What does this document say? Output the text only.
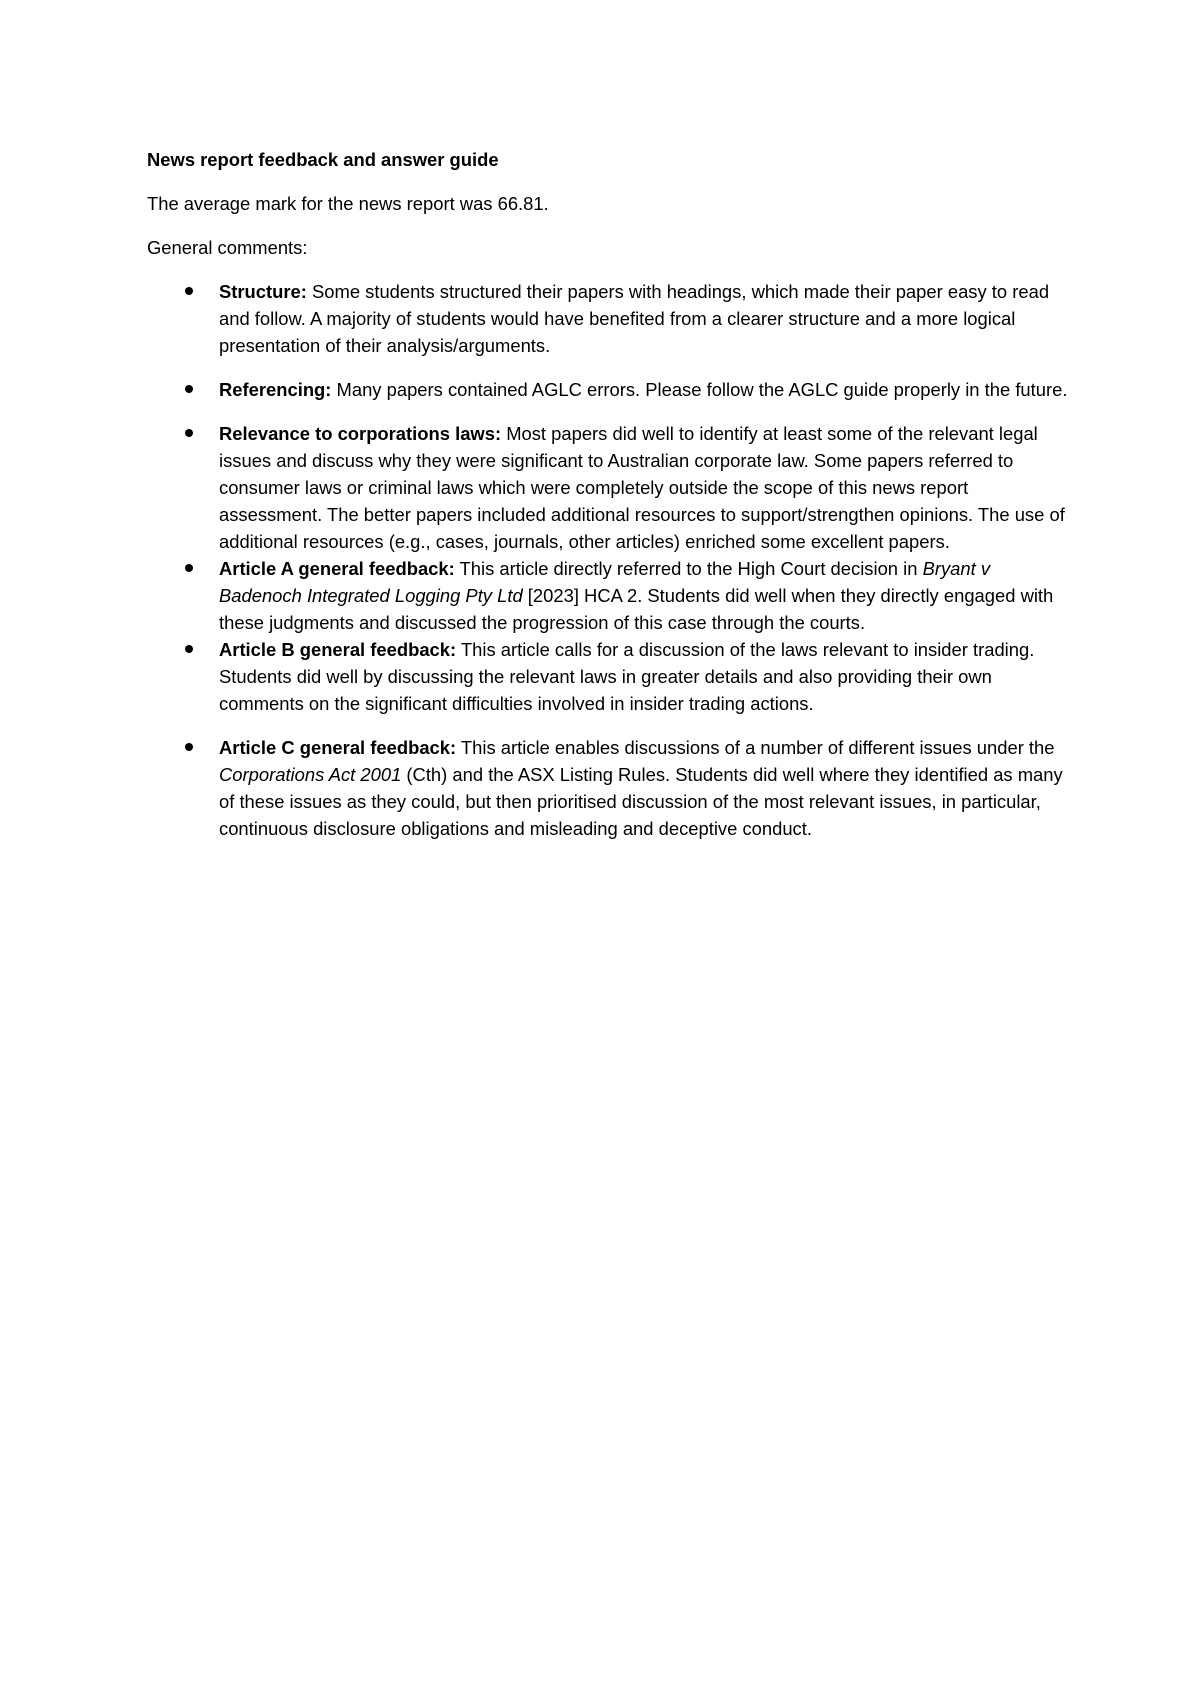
News report feedback and answer guide
The average mark for the news report was 66.81.
General comments:
Structure: Some students structured their papers with headings, which made their paper easy to read and follow. A majority of students would have benefited from a clearer structure and a more logical presentation of their analysis/arguments.
Referencing: Many papers contained AGLC errors. Please follow the AGLC guide properly in the future.
Relevance to corporations laws: Most papers did well to identify at least some of the relevant legal issues and discuss why they were significant to Australian corporate law. Some papers referred to consumer laws or criminal laws which were completely outside the scope of this news report assessment. The better papers included additional resources to support/strengthen opinions. The use of additional resources (e.g., cases, journals, other articles) enriched some excellent papers.
Article A general feedback: This article directly referred to the High Court decision in Bryant v Badenoch Integrated Logging Pty Ltd [2023] HCA 2. Students did well when they directly engaged with these judgments and discussed the progression of this case through the courts.
Article B general feedback: This article calls for a discussion of the laws relevant to insider trading. Students did well by discussing the relevant laws in greater details and also providing their own comments on the significant difficulties involved in insider trading actions.
Article C general feedback: This article enables discussions of a number of different issues under the Corporations Act 2001 (Cth) and the ASX Listing Rules. Students did well where they identified as many of these issues as they could, but then prioritised discussion of the most relevant issues, in particular, continuous disclosure obligations and misleading and deceptive conduct.
